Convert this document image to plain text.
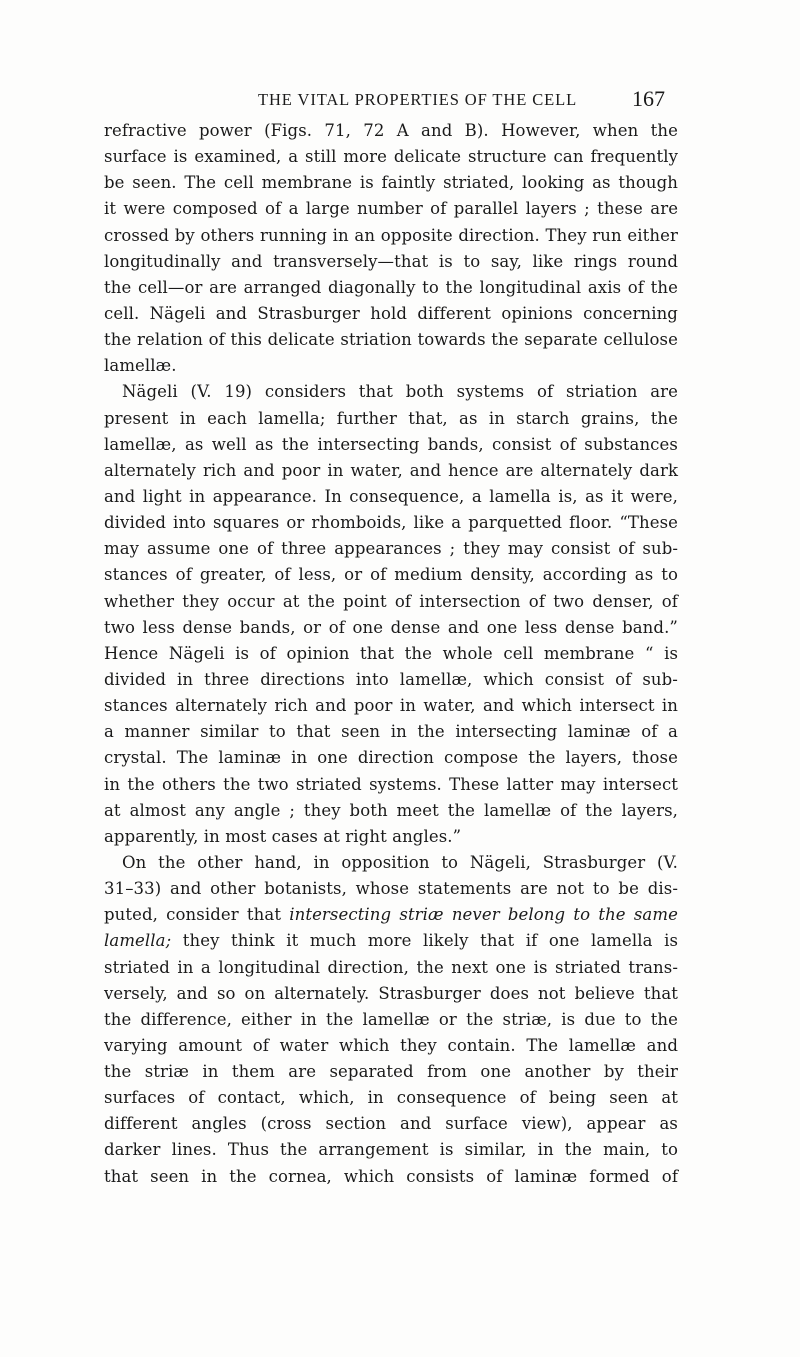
THE VITAL PROPERTIES OF THE CELL 167
refractive power (Figs. 71, 72 A and B). However, when the
surface is examined, a still more delicate structure can frequently
be seen. The cell membrane is faintly striated, looking as though
it were composed of a large number of parallel layers ; these are
crossed by others running in an opposite direction. They run either
longitudinally and transversely—that is to say, like rings round
the cell—or are arranged diagonally to the longitudinal axis of the
cell. Nägeli and Strasburger hold different opinions concerning
the relation of this delicate striation towards the separate cellulose
lamellæ.
Nägeli (V. 19) considers that both systems of striation are
present in each lamella; further that, as in starch grains, the
lamellæ, as well as the intersecting bands, consist of substances
alternately rich and poor in water, and hence are alternately dark
and light in appearance. In consequence, a lamella is, as it were,
divided into squares or rhomboids, like a parquetted floor. “These
may assume one of three appearances ; they may consist of sub-
stances of greater, of less, or of medium density, according as to
whether they occur at the point of intersection of two denser, of
two less dense bands, or of one dense and one less dense band.”
Hence Nägeli is of opinion that the whole cell membrane “ is
divided in three directions into lamellæ, which consist of sub-
stances alternately rich and poor in water, and which intersect in
a manner similar to that seen in the intersecting laminæ of a
crystal. The laminæ in one direction compose the layers, those
in the others the two striated systems. These latter may intersect
at almost any angle ; they both meet the lamellæ of the layers,
apparently, in most cases at right angles.”
On the other hand, in opposition to Nägeli, Strasburger (V.
31–33) and other botanists, whose statements are not to be dis-
puted, consider that intersecting striæ never belong to the same
lamella; they think it much more likely that if one lamella is
striated in a longitudinal direction, the next one is striated trans-
versely, and so on alternately. Strasburger does not believe that
the difference, either in the lamellæ or the striæ, is due to the
varying amount of water which they contain. The lamellæ and
the striæ in them are separated from one another by their
surfaces of contact, which, in consequence of being seen at
different angles (cross section and surface view), appear as
darker lines. Thus the arrangement is similar, in the main, to
that seen in the cornea, which consists of laminæ formed of
